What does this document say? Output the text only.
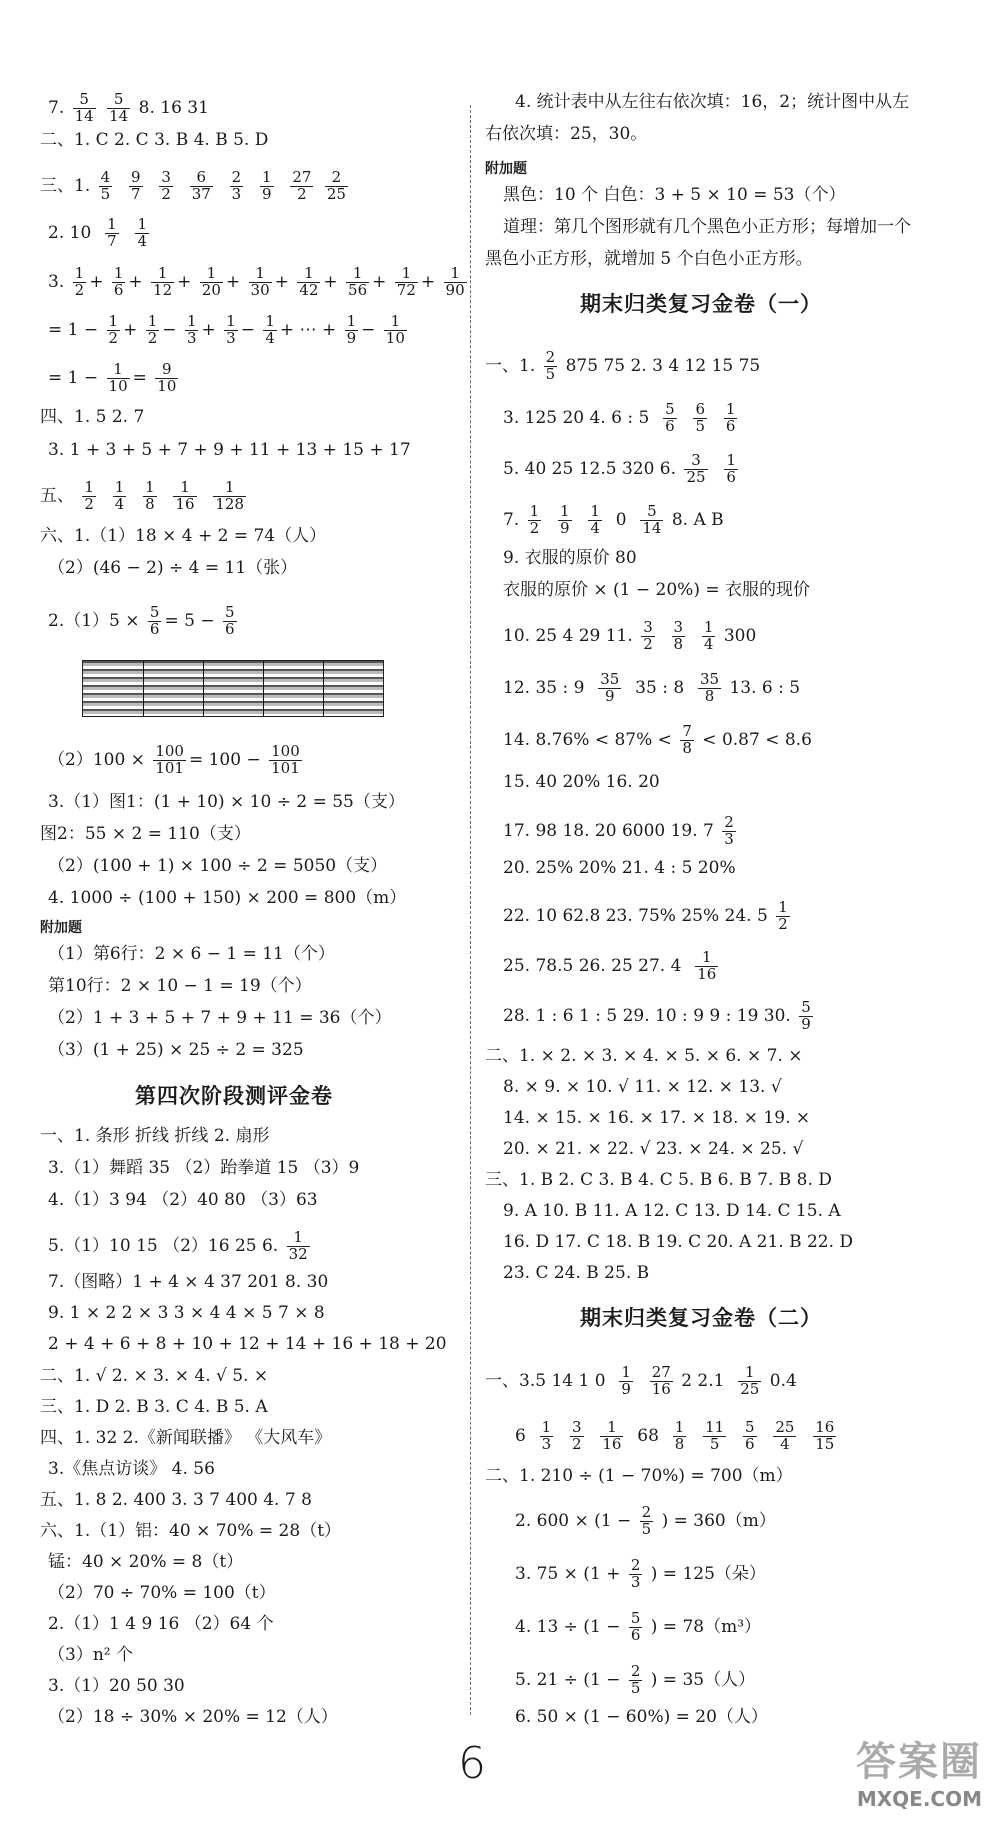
7. $\frac{5}{14}$
$\frac{5}{14} 8$. 16 31
二、1. C 2. C 3. B 4. B 5. D
三、1. $\frac{4}{5}$
$\frac{9}{7}$
$\frac{3}{2}$
$\frac{6}{37}$
$\frac{2}{3}$
$\frac{1}{9}$
$\frac{27}{2}$
$\frac{2}{25}$
2. $10 \frac{1}{7}$
$\frac{1}{4}$
3. $\frac{1}{2} + \frac{1}{6} + \frac{1}{12} + \frac{1}{20} + \frac{1}{30} + \frac{1}{42} + \frac{1}{56} + \frac{1}{72} + \frac{1}{90}$
= $1 - \frac{1}{2} + \frac{1}{2} - \frac{1}{3} + \frac{1}{3} - \frac{1}{4}$ + ⋯ + $\frac{1}{9} - \frac{1}{10}$
= $1 - \frac{1}{10} = \frac{9}{10}$
四、1. 5 2. 7
3. 1 + 3 + 5 + 7 + 9 + 11 + 13 + 15 + 17
五、 $\frac{1}{2}$
$\frac{1}{4}$
$\frac{1}{8}$
$\frac{1}{16}$
$\frac{1}{128}$
六、1.（1）18 × 4 + 2 = 74（人）
（2）(46 − 2) ÷ 4 = 11（张）
$2.(1)5 \times \frac{5}{6} = 5 - \frac{5}{6}$
$(2)100 \times \frac{100}{101} = 100 - \frac{100}{101}$
3.（1）图1：(1 + 10) × 10 ÷ 2 = 55（支）
图2：55 × 2 = 110（支）
（2）(100 + 1) × 100 ÷ 2 = 5050（支）
4. 1000 ÷ (100 + 150) × 200 = 800（m）
附加题
（1）第6行：2 × 6 − 1 = 11（个）
第10行：2 × 10 − 1 = 19（个）
（2）1 + 3 + 5 + 7 + 9 + 11 = 36（个）
（3）(1 + 25) × 25 ÷ 2 = 325
第四次阶段测评金卷
一、1. 条形 折线 折线 2. 扇形
3.（1）舞蹈 35 （2）跆拳道 15 （3）9
4.（1）3 94 （2）40 80 （3）63
5.（1）10 15 （2）16 25 6. $\frac{1}{32}$
7.（图略）1 + 4 × 4 37 201 8. 30
9. 1 × 2 2 × 3 3 × 4 4 × 5 7 × 8
2 + 4 + 6 + 8 + 10 + 12 + 14 + 16 + 18 + 20
二、1. √ 2. × 3. × 4. √ 5. ×
三、1. D 2. B 3. C 4. B 5. A
四、1. 32 2.《新闻联播》 《大风车》
3.《焦点访谈》 4. 56
五、1. 8 2. 400 3. 3 7 400 4. 7 8
六、1.（1）铝：40 × 70% = 28（t）
锰：40 × 20% = 8（t）
（2）70 ÷ 70% = 100（t）
2.（1）1 4 9 16 （2）64 个
（3）n² 个
3.（1）20 50 30
（2）18 ÷ 30% × 20% = 12（人）
4. 统计表中从左往右依次填：16，2；统计图中从左
右依次填：25，30。
附加题
黑色：10 个 白色：3 + 5 × 10 = 53（个）
道理：第几个图形就有几个黑色小正方形；每增加一个
黑色小正方形，就增加 5 个白色小正方形。
期末归类复习金卷（一）
一、1. $\frac{2}{5} 875$ 75 2. 3 4 12 15 75
3. 125 20 4. 6 : $5 \frac{5}{6}$
$\frac{6}{5}$
$\frac{1}{6}$
5. 40 25 12.5 320 6. $\frac{3}{25}$
$\frac{1}{6}$
7. $\frac{1}{2}$
$\frac{1}{9}$
$\frac{1}{4} 0 \frac{5}{14} 8$. A B
9. 衣服的原价 80
衣服的原价 × (1 − 20%) = 衣服的现价
10. 25 4 29 11. $\frac{3}{2}$
$\frac{3}{8}$
$\frac{1}{4} 300$
12. 35 : $9 \frac{35}{9} 35$ : $8 \frac{35}{8} 13$. 6 : 5
14. $8.76\% < 87\% < \frac{7}{8}$ < 0.87̇ < 8.6
15. 40 20% 16. 20
17. 98 18. 20 6000 19. $7 \frac{2}{3}$
20. 25% 20% 21. 4 : 5 20%
22. 10 62.8 23. 75% 25% 24. $5 \frac{1}{2}$
25. 78.5 26. 25 27. $4 \frac{1}{16}$
28. 1 : 6 1 : 5 29. 10 : 9 9 : 19 30. $\frac{5}{9}$
二、1. × 2. × 3. × 4. × 5. × 6. × 7. ×
8. × 9. × 10. √ 11. × 12. × 13. √
14. × 15. × 16. × 17. × 18. × 19. ×
20. × 21. × 22. √ 23. × 24. × 25. √
三、1. B 2. C 3. B 4. C 5. B 6. B 7. B 8. D
9. A 10. B 11. A 12. C 13. D 14. C 15. A
16. D 17. C 18. B 19. C 20. A 21. B 22. D
23. C 24. B 25. B
期末归类复习金卷（二）
一、3.5 14 1 $0 \frac{1}{9}$
$\frac{27}{16} 2$ $2.1 \frac{1}{25} 0.4$
$6 \frac{1}{3}$
$\frac{3}{2}$
$\frac{1}{16} 68 \frac{1}{8}$
$\frac{11}{5}$
$\frac{5}{6}$
$\frac{25}{4}$
$\frac{16}{15}$
二、1. 210 ÷ (1 − 70%) = 700（m）
2. $600 \times (1 - \frac{2}{5}$ ) = 360（m）
3. $75 \times (1 + \frac{2}{3}$ ) = 125（朵）
4. $13 \div (1 - \frac{5}{6}$ ) = 78（m³）
5. $21 \div (1 - \frac{2}{5}$ ) = 35（人）
6. 50 × (1 − 60%) = 20（人）
6	答案圈
MXQE.COM
